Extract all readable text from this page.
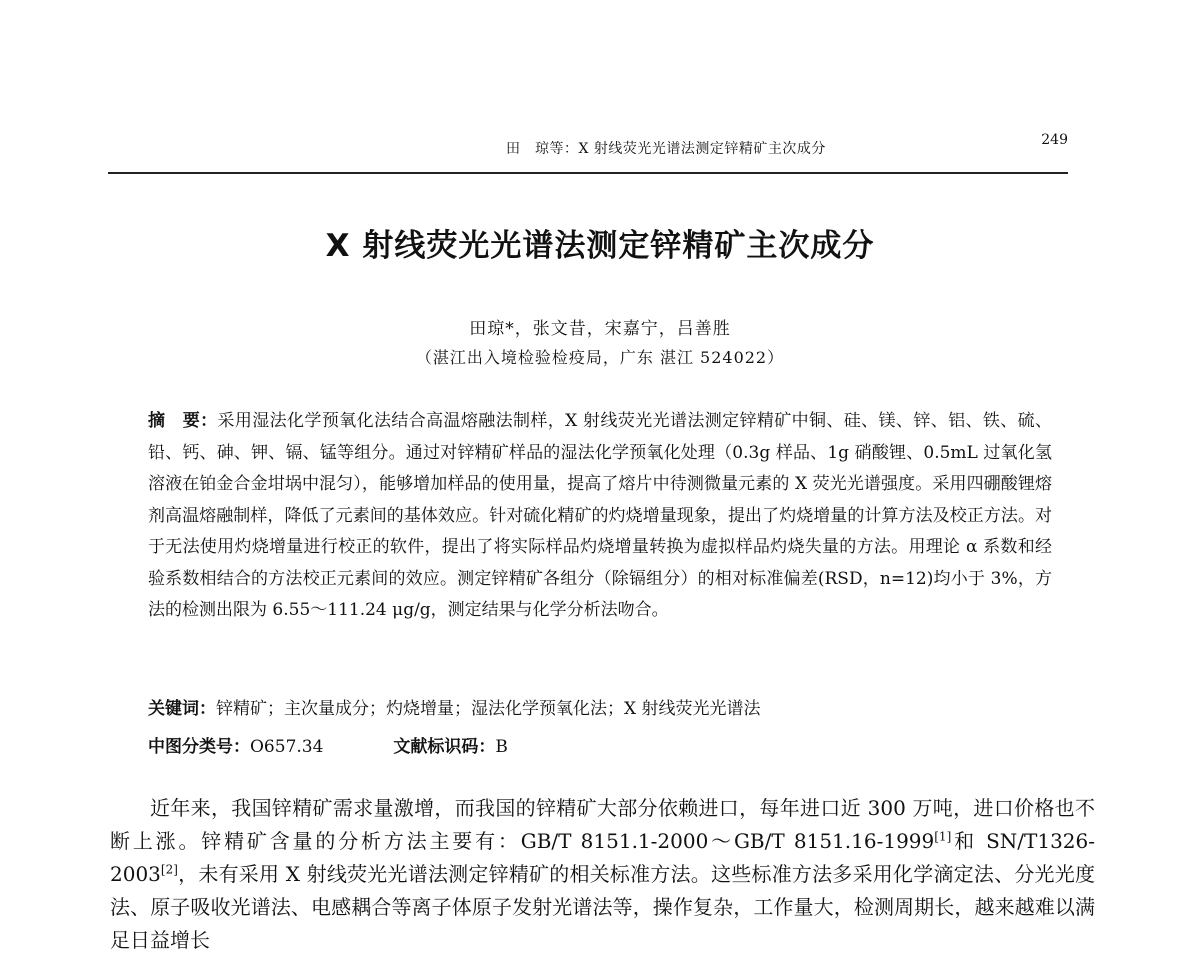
田　琼等：X 射线荧光光谱法测定锌精矿主次成分
249
X 射线荧光光谱法测定锌精矿主次成分
田琼*，张文昔，宋嘉宁，吕善胜
（湛江出入境检验检疫局，广东 湛江 524022）
摘　要：采用湿法化学预氧化法结合高温熔融法制样，X 射线荧光光谱法测定锌精矿中铜、硅、镁、锌、铝、铁、硫、铅、钙、砷、钾、镉、锰等组分。通过对锌精矿样品的湿法化学预氧化处理（0.3g 样品、1g 硝酸锂、0.5mL 过氧化氢溶液在铂金合金坩埚中混匀），能够增加样品的使用量，提高了熔片中待测微量元素的 X 荧光光谱强度。采用四硼酸锂熔剂高温熔融制样，降低了元素间的基体效应。针对硫化精矿的灼烧增量现象，提出了灼烧增量的计算方法及校正方法。对于无法使用灼烧增量进行校正的软件，提出了将实际样品灼烧增量转换为虚拟样品灼烧失量的方法。用理论 α 系数和经验系数相结合的方法校正元素间的效应。测定锌精矿各组分（除镉组分）的相对标准偏差(RSD，n=12)均小于 3%，方法的检测出限为 6.55～111.24 μg/g，测定结果与化学分析法吻合。
关键词：锌精矿；主次量成分；灼烧增量；湿法化学预氧化法；X 射线荧光光谱法
中图分类号：O657.34	文献标识码：B
近年来，我国锌精矿需求量激增，而我国的锌精矿大部分依赖进口，每年进口近 300 万吨，进口价格也不断上涨。锌精矿含量的分析方法主要有：GB/T 8151.1-2000～GB/T 8151.16-1999[1]和 SN/T1326-2003[2]，未有采用 X 射线荧光光谱法测定锌精矿的相关标准方法。这些标准方法多采用化学滴定法、分光光度法、原子吸收光谱法、电感耦合等离子体原子发射光谱法等，操作复杂，工作量大，检测周期长，越来越难以满足日益增长
